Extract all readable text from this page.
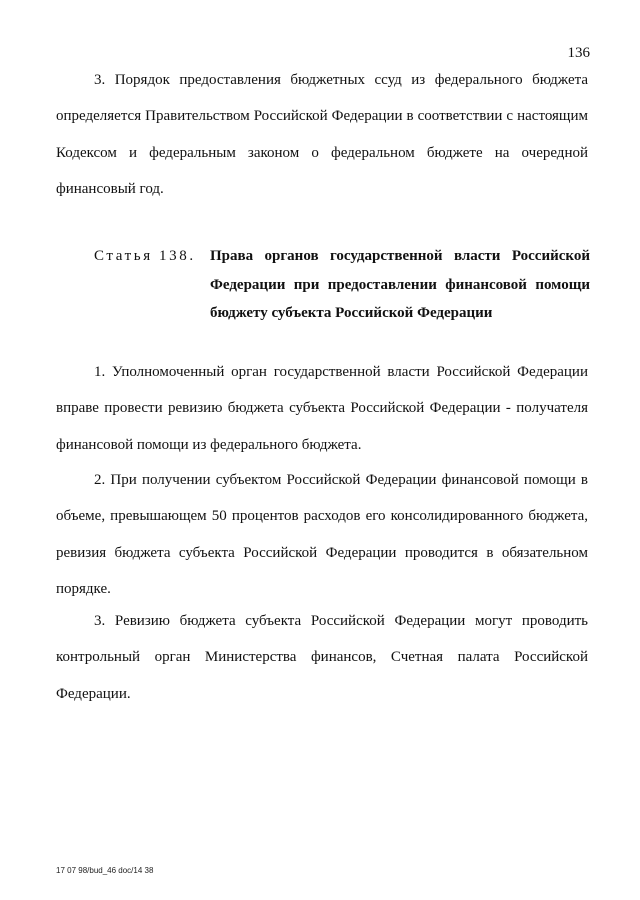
136

3. Порядок предоставления бюджетных ссуд из федерального бюджета определяется Правительством Российской Федерации в соответствии с настоящим Кодексом и федеральным законом о федеральном бюджете на очередной финансовый год.

Статья 138. Права органов государственной власти Российской Федерации при предоставлении финансовой помощи бюджету субъекта Российской Федерации

1. Уполномоченный орган государственной власти Российской Федерации вправе провести ревизию бюджета субъекта Российской Федерации - получателя финансовой помощи из федерального бюджета.

2. При получении субъектом Российской Федерации финансовой помощи в объеме, превышающем 50 процентов расходов его консолидированного бюджета, ревизия бюджета субъекта Российской Федерации проводится в обязательном порядке.

3. Ревизию бюджета субъекта Российской Федерации могут проводить контрольный орган Министерства финансов, Счетная палата Российской Федерации.

17 07 98/bud_46 doc/14 38
